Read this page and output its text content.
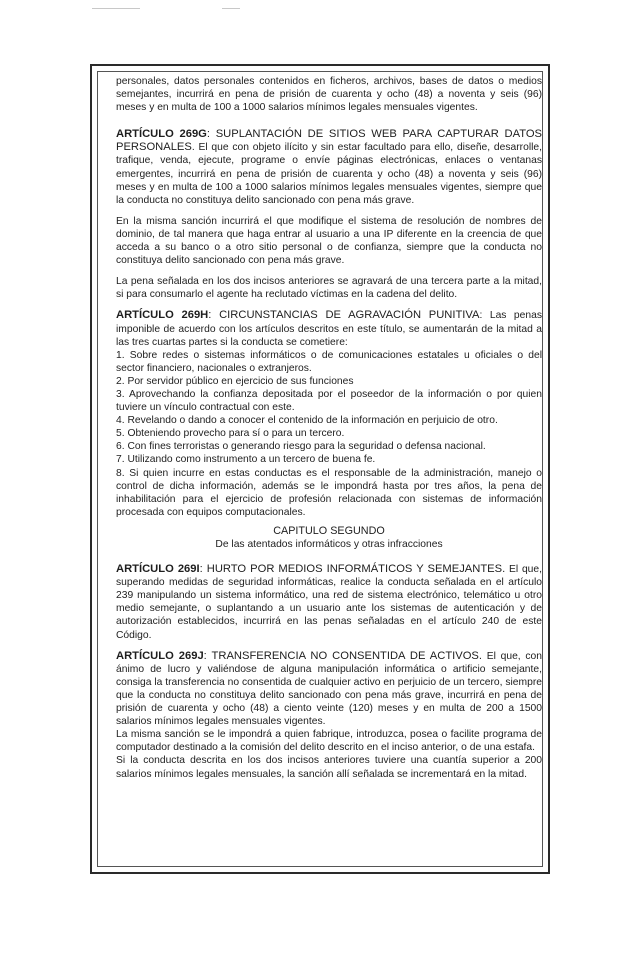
personales, datos personales contenidos en ficheros, archivos, bases de datos o medios semejantes, incurrirá en pena de prisión de cuarenta y ocho (48) a noventa y seis (96) meses y en multa de 100 a 1000 salarios mínimos legales mensuales vigentes.

ARTÍCULO 269G: SUPLANTACIÓN DE SITIOS WEB PARA CAPTURAR DATOS PERSONALES. El que con objeto ilícito y sin estar facultado para ello, diseñe, desarrolle, trafique, venda, ejecute, programe o envíe páginas electrónicas, enlaces o ventanas emergentes, incurrirá en pena de prisión de cuarenta y ocho (48) a noventa y seis (96) meses y en multa de 100 a 1000 salarios mínimos legales mensuales vigentes, siempre que la conducta no constituya delito sancionado con pena más grave.

En la misma sanción incurrirá el que modifique el sistema de resolución de nombres de dominio, de tal manera que haga entrar al usuario a una IP diferente en la creencia de que acceda a su banco o a otro sitio personal o de confianza, siempre que la conducta no constituya delito sancionado con pena más grave.

La pena señalada en los dos incisos anteriores se agravará de una tercera parte a la mitad, si para consumarlo el agente ha reclutado víctimas en la cadena del delito.

ARTÍCULO 269H: CIRCUNSTANCIAS DE AGRAVACIÓN PUNITIVA: Las penas imponible de acuerdo con los artículos descritos en este título, se aumentarán de la mitad a las tres cuartas partes si la conducta se cometiere:

1. Sobre redes o sistemas informáticos o de comunicaciones estatales u oficiales o del sector financiero, nacionales o extranjeros.
2. Por servidor público en ejercicio de sus funciones
3. Aprovechando la confianza depositada por el poseedor de la información o por quien tuviere un vínculo contractual con este.
4. Revelando o dando a conocer el contenido de la información en perjuicio de otro.
5. Obteniendo provecho para sí o para un tercero.
6. Con fines terroristas o generando riesgo para la seguridad o defensa nacional.
7. Utilizando como instrumento a un tercero de buena fe.
8. Si quien incurre en estas conductas es el responsable de la administración, manejo o control de dicha información, además se le impondrá hasta por tres años, la pena de inhabilitación para el ejercicio de profesión relacionada con sistemas de información procesada con equipos computacionales.
CAPITULO SEGUNDO
De las atentados informáticos y otras infracciones

ARTÍCULO 269I: HURTO POR MEDIOS INFORMÁTICOS Y SEMEJANTES. El que, superando medidas de seguridad informáticas, realice la conducta señalada en el artículo 239 manipulando un sistema informático, una red de sistema electrónico, telemático u otro medio semejante, o suplantando a un usuario ante los sistemas de autenticación y de autorización establecidos, incurrirá en las penas señaladas en el artículo 240 de este Código.

ARTÍCULO 269J: TRANSFERENCIA NO CONSENTIDA DE ACTIVOS. El que, con ánimo de lucro y valiéndose de alguna manipulación informática o artificio semejante, consiga la transferencia no consentida de cualquier activo en perjuicio de un tercero, siempre que la conducta no constituya delito sancionado con pena más grave, incurrirá en pena de prisión de cuarenta y ocho (48) a ciento veinte (120) meses y en multa de 200 a 1500 salarios mínimos legales mensuales vigentes.

La misma sanción se le impondrá a quien fabrique, introduzca, posea o facilite programa de computador destinado a la comisión del delito descrito en el inciso anterior, o de una estafa.

Si la conducta descrita en los dos incisos anteriores tuviere una cuantía superior a 200 salarios mínimos legales mensuales, la sanción allí señalada se incrementará en la mitad.
